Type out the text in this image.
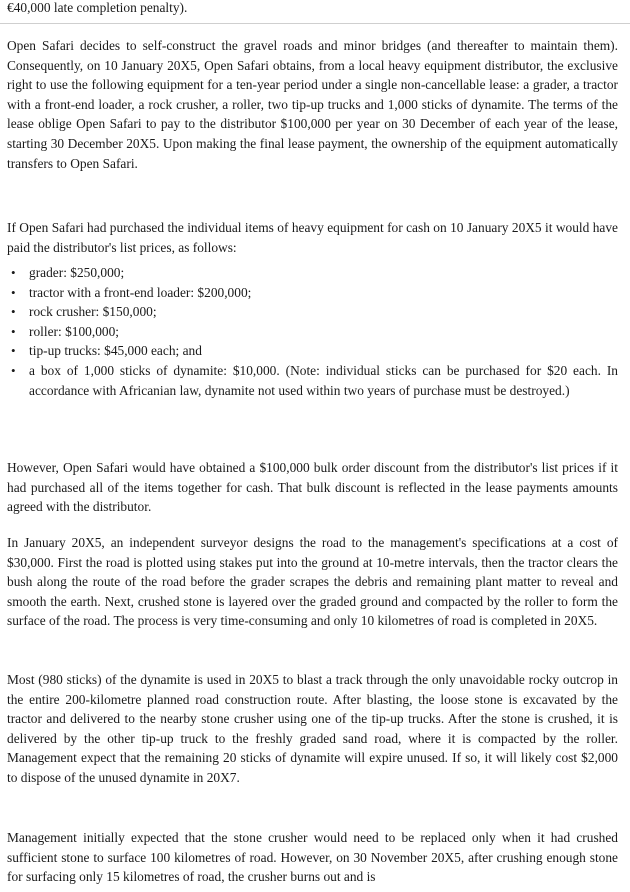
€40,000 late completion penalty).

Open Safari decides to self-construct the gravel roads and minor bridges (and thereafter to maintain them). Consequently, on 10 January 20X5, Open Safari obtains, from a local heavy equipment distributor, the exclusive right to use the following equipment for a ten-year period under a single non-cancellable lease: a grader, a tractor with a front-end loader, a rock crusher, a roller, two tip-up trucks and 1,000 sticks of dynamite. The terms of the lease oblige Open Safari to pay to the distributor $100,000 per year on 30 December of each year of the lease, starting 30 December 20X5. Upon making the final lease payment, the ownership of the equipment automatically transfers to Open Safari.

If Open Safari had purchased the individual items of heavy equipment for cash on 10 January 20X5 it would have paid the distributor's list prices, as follows:

• grader: $250,000;
• tractor with a front-end loader: $200,000;
• rock crusher: $150,000;
• roller: $100,000;
• tip-up trucks: $45,000 each; and
• a box of 1,000 sticks of dynamite: $10,000. (Note: individual sticks can be purchased for $20 each. In accordance with Africanian law, dynamite not used within two years of purchase must be destroyed.)

However, Open Safari would have obtained a $100,000 bulk order discount from the distributor's list prices if it had purchased all of the items together for cash. That bulk discount is reflected in the lease payments amounts agreed with the distributor.

In January 20X5, an independent surveyor designs the road to the management's specifications at a cost of $30,000. First the road is plotted using stakes put into the ground at 10-metre intervals, then the tractor clears the bush along the route of the road before the grader scrapes the debris and remaining plant matter to reveal and smooth the earth. Next, crushed stone is layered over the graded ground and compacted by the roller to form the surface of the road. The process is very time-consuming and only 10 kilometres of road is completed in 20X5.

Most (980 sticks) of the dynamite is used in 20X5 to blast a track through the only unavoidable rocky outcrop in the entire 200-kilometre planned road construction route. After blasting, the loose stone is excavated by the tractor and delivered to the nearby stone crusher using one of the tip-up trucks. After the stone is crushed, it is delivered by the other tip-up truck to the freshly graded sand road, where it is compacted by the roller. Management expect that the remaining 20 sticks of dynamite will expire unused. If so, it will likely cost $2,000 to dispose of the unused dynamite in 20X7.

Management initially expected that the stone crusher would need to be replaced only when it had crushed sufficient stone to surface 100 kilometres of road. However, on 30 November 20X5, after crushing enough stone for surfacing only 15 kilometres of road, the crusher burns out and is
